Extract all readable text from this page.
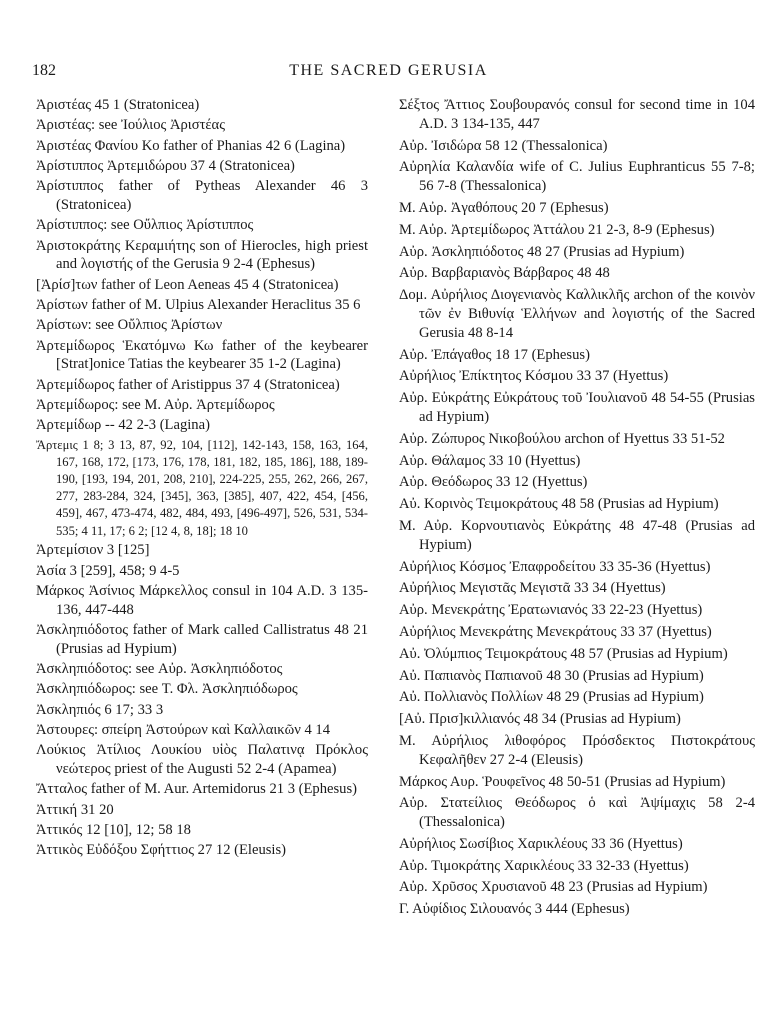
182	THE SACRED GERUSIA
Ἀριστέας 45 1 (Stratonicea)
Ἀριστέας: see Ἰούλιος Ἀριστέας
Ἀριστέας Φανίου Κο father of Phanias 42 6 (Lagina)
Ἀρίστιππος Ἀρτεμιδώρου 37 4 (Stratonicea)
Ἀρίστιππος father of Pytheas Alexander 46 3 (Stratonicea)
Ἀρίστιππος: see Οὔλπιος Ἀρίστιππος
Ἀριστοκράτης Κεραμιήτης son of Hierocles, high priest and λογιστής of the Gerusia 9 2-4 (Ephesus)
[Ἀρίσ]των father of Leon Aeneas 45 4 (Stratonicea)
Ἀρίστων father of M. Ulpius Alexander Heraclitus 35 6
Ἀρίστων: see Οὔλπιος Ἀρίστων
Ἀρτεμίδωρος Ἑκατόμνω Κω father of the keybearer [Strat]onice Tatias the keybearer 35 1-2 (Lagina)
Ἀρτεμίδωρος father of Aristippus 37 4 (Stratonicea)
Ἀρτεμίδωρος: see Μ. Αὐρ. Ἀρτεμίδωρος
Ἀρτεμίδωρ -- 42 2-3 (Lagina)
Ἄρτεμις 1 8; 3 13, 87, 92, 104, [112], 142-143, 158, 163, 164, 167, 168, 172, [173, 176, 178, 181, 182, 185, 186], 188, 189-190, [193, 194, 201, 208, 210], 224-225, 255, 262, 266, 267, 277, 283-284, 324, [345], 363, [385], 407, 422, 454, [456, 459], 467, 473-474, 482, 484, 493, [496-497], 526, 531, 534-535; 4 11, 17; 6 2; [12 4, 8, 18]; 18 10
Ἀρτεμίσιον 3 [125]
Ἀσία 3 [259], 458; 9 4-5
Μάρκος Ἀσίνιος Μάρκελλος consul in 104 A.D. 3 135-136, 447-448
Ἀσκληπιόδοτος father of Mark called Callistratus 48 21 (Prusias ad Hypium)
Ἀσκληπιόδοτος: see Αὐρ. Ἀσκληπιόδοτος
Ἀσκληπιόδωρος: see Τ. Φλ. Ἀσκληπιόδωρος
Ἀσκληπιός 6 17; 33 3
Ἀστουρες: σπείρη Ἀστούρων καὶ Καλλαικῶν 4 14
Λούκιος Ἀτίλιος Λουκίου υἱὸς Παλατινᾳ Πρόκλος νεώτερος priest of the Augusti 52 2-4 (Apamea)
Ἄτταλος father of M. Aur. Artemidorus 21 3 (Ephesus)
Ἀττική 31 20
Ἀττικός 12 [10], 12; 58 18
Ἀττικὸς Εὐδόξου Σφήττιος 27 12 (Eleusis)
Σέξτος Ἄττιος Σουβουρανός consul for second time in 104 A.D. 3 134-135, 447
Αὐρ. Ἰσιδώρα 58 12 (Thessalonica)
Αὐρηλία Καλανδία wife of C. Julius Euphranticus 55 7-8; 56 7-8 (Thessalonica)
Μ. Αὐρ. Ἀγαθόπους 20 7 (Ephesus)
Μ. Αὐρ. Ἀρτεμίδωρος Ἀττάλου 21 2-3, 8-9 (Ephesus)
Αὐρ. Ἀσκληπιόδοτος 48 27 (Prusias ad Hypium)
Αὐρ. Βαρβαριανὸς Βάρβαρος 48 48
Δομ. Αὐρήλιος Διογενιανὸς Καλλικλῆς archon of the κοινὸν τῶν ἐν Βιθυνίᾳ Ἑλλήνων and λογιστής of the Sacred Gerusia 48 8-14
Αὐρ. Ἐπάγαθος 18 17 (Ephesus)
Αὐρήλιος Ἐπίκτητος Κόσμου 33 37 (Hyettus)
Αὐρ. Εὐκράτης Εὐκράτους τοῦ Ἰουλιανοῦ 48 54-55 (Prusias ad Hypium)
Αὐρ. Ζώπυρος Νικοβούλου archon of Hyettus 33 51-52
Αὐρ. Θάλαμος 33 10 (Hyettus)
Αὐρ. Θεόδωρος 33 12 (Hyettus)
Αὐ. Κορινὸς Τειμοκράτους 48 58 (Prusias ad Hypium)
Μ. Αὐρ. Κορνουτιανὸς Εὐκράτης 48 47-48 (Prusias ad Hypium)
Αὐρήλιος Κόσμος Ἐπαφροδείτου 33 35-36 (Hyettus)
Αὐρήλιος Μεγιστᾶς Μεγιστᾶ 33 34 (Hyettus)
Αὐρ. Μενεκράτης Ἐρατωνιανός 33 22-23 (Hyettus)
Αὐρήλιος Μενεκράτης Μενεκράτους 33 37 (Hyettus)
Αὐ. Ὀλύμπιος Τειμοκράτους 48 57 (Prusias ad Hypium)
Αὐ. Παπιανὸς Παπιανοῦ 48 30 (Prusias ad Hypium)
Αὐ. Πολλιανὸς Πολλίων 48 29 (Prusias ad Hypium)
[Αὐ. Πρισ]κιλλιανός 48 34 (Prusias ad Hypium)
Μ. Αὐρήλιος λιθοφόρος Πρόσδεκτος Πιστοκράτους Κεφαλῆθεν 27 2-4 (Eleusis)
Μάρκος Αυρ. Ῥουφεῖνος 48 50-51 (Prusias ad Hypium)
Αὐρ. Στατείλιος Θεόδωρος ὁ καὶ Ἀψίμαχις 58 2-4 (Thessalonica)
Αὐρήλιος Σωσίβιος Χαρικλέους 33 36 (Hyettus)
Αὐρ. Τιμοκράτης Χαρικλέους 33 32-33 (Hyettus)
Αὐρ. Χρῦσος Χρυσιανοῦ 48 23 (Prusias ad Hypium)
Γ. Αὐφίδιος Σιλουανός 3 444 (Ephesus)
